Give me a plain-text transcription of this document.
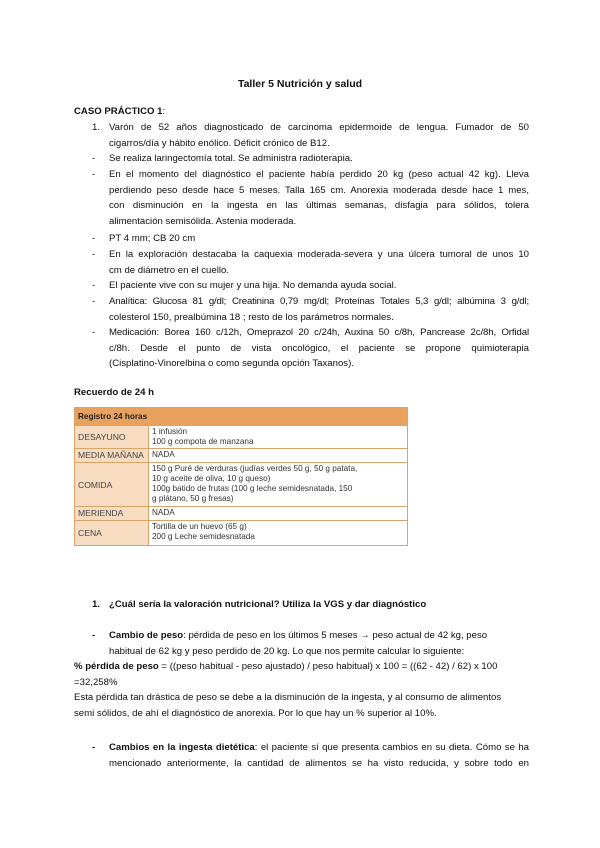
Taller 5 Nutrición y salud
CASO PRÁCTICO 1:
1. Varón de 52 años diagnosticado de carcinoma epidermoide de lengua. Fumador de 50
cigarros/día y hábito enólico. Déficit crónico de B12.
- Se realiza laringectomía total. Se administra radioterapia.
- En el momento del diagnóstico el paciente había perdido 20 kg (peso actual 42 kg). Lleva
perdiendo peso desde hace 5 meses. Talla 165 cm. Anorexia moderada desde hace 1 mes,
con disminución en la ingesta en las últimas semanas, disfagia para sólidos, tolera
alimentación semisólida. Astenia moderada.
- PT 4 mm; CB 20 cm
- En la exploración destacaba la caquexia moderada-severa y una úlcera tumoral de unos 10
cm de diámetro en el cuello.
- El paciente vive con su mujer y una hija. No demanda ayuda social.
- Analítica: Glucosa 81 g/dl; Creatinina 0,79 mg/dl; Proteínas Totales 5,3 g/dl; albúmina 3 g/dl;
colesterol 150, prealbúmina 18 ; resto de los parámetros normales.
- Medicación: Borea 160 c/12h, Omeprazol 20 c/24h, Auxina 50 c/8h, Pancrease 2c/8h, Orfidal
c/8h. Desde el punto de vista oncológico, el paciente se propone quimioterapia
(Cisplatino-Vinorelbina o como segunda opción Taxanos).
Recuerdo de 24 h
Registro 24 horas	
DESAYUNO	1 infusión
100 g compota de manzana

MEDIA MAÑANA	NADA

COMIDA	150 g Puré de verduras (judías verdes 50 g, 50 g patata,
10 g aceite de oliva, 10 g queso)
100g batido de frutas (100 g leche semidesnatada, 150
g plátano, 50 g fresas)

MERIENDA	NADA

CENA	Tortilla de un huevo (65 g)
200 g Leche semidesnatada
1. ¿Cuál sería la valoración nutricional? Utiliza la VGS y dar diagnóstico
- Cambio de peso: pérdida de peso en los últimos 5 meses → peso actual de 42 kg, peso
habitual de 62 kg y peso perdido de 20 kg. Lo que nos permite calcular lo siguiente:
% pérdida de peso = ((peso habitual - peso ajustado) / peso habitual) x 100 = ((62 - 42) / 62) x 100
=32,258%
Esta pérdida tan drástica de peso se debe a la disminución de la ingesta, y al consumo de alimentos
semi sólidos, de ahí el diagnóstico de anorexia. Por lo que hay un % superior al 10%.
- Cambios en la ingesta dietética: el paciente sí que presenta cambios en su dieta. Cómo se ha
mencionado anteriormente, la cantidad de alimentos se ha visto reducida, y sobre todo en
